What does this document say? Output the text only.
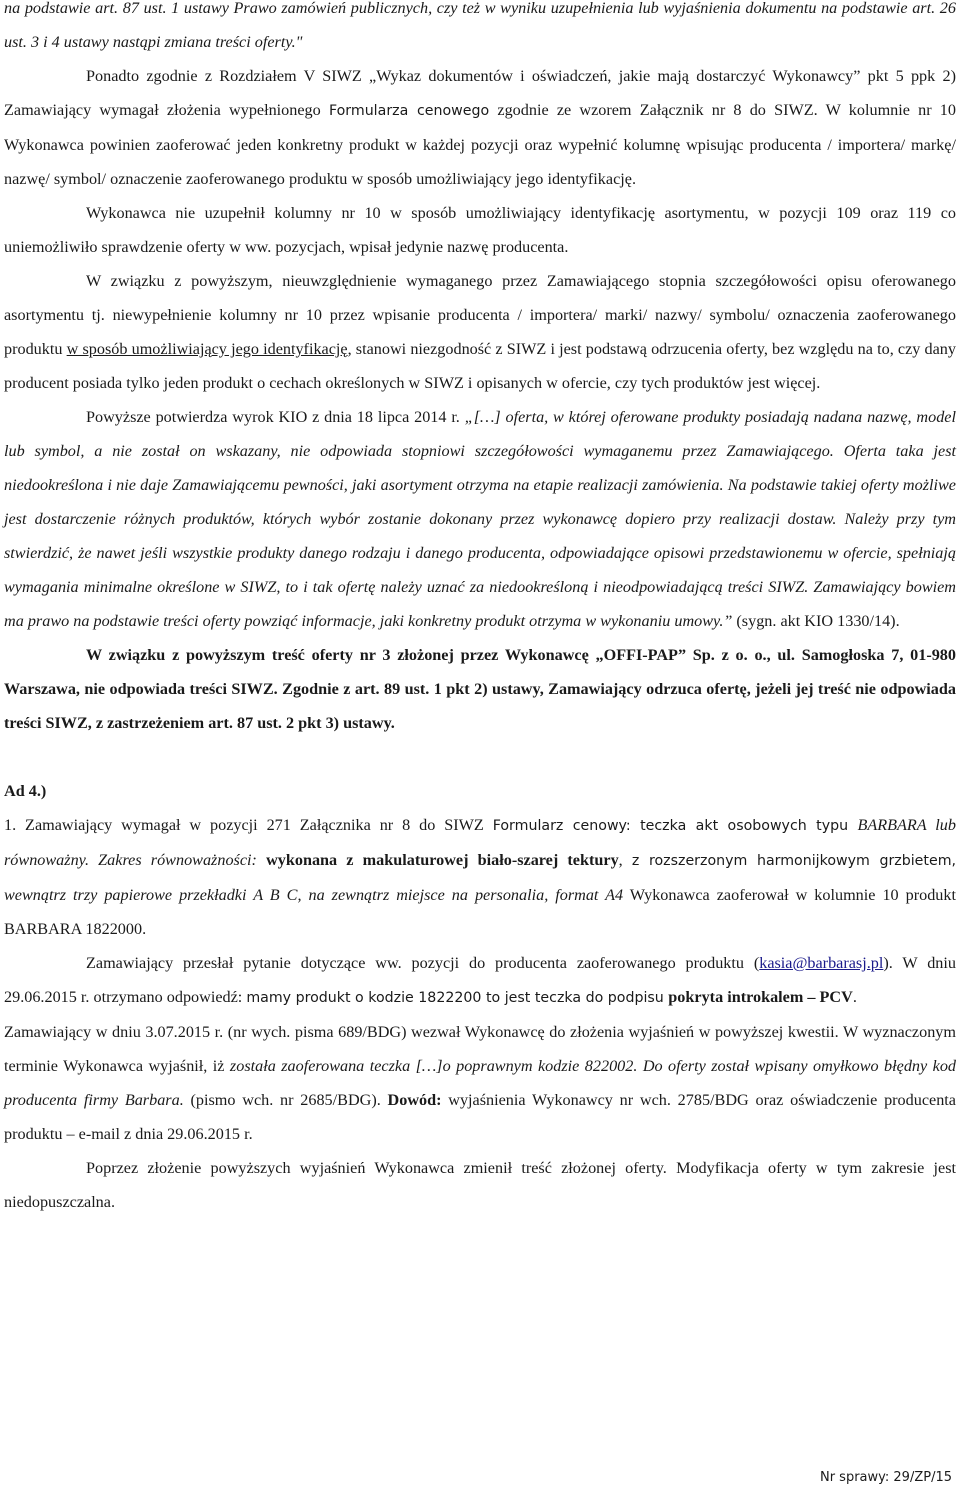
na podstawie art. 87 ust. 1 ustawy Prawo zamówień publicznych, czy też w wyniku uzupełnienia lub wyjaśnienia dokumentu na podstawie art. 26 ust. 3 i 4 ustawy nastąpi zmiana treści oferty."

Ponadto zgodnie z Rozdziałem V SIWZ „Wykaz dokumentów i oświadczeń, jakie mają dostarczyć Wykonawcy” pkt 5 ppk 2) Zamawiający wymagał złożenia wypełnionego Formularza cenowego zgodnie ze wzorem Załącznik nr 8 do SIWZ. W kolumnie nr 10 Wykonawca powinien zaoferować jeden konkretny produkt w każdej pozycji oraz wypełnić kolumnę wpisując producenta / importera/ markę/ nazwę/ symbol/ oznaczenie zaoferowanego produktu w sposób umożliwiający jego identyfikację.

Wykonawca nie uzupełnił kolumny nr 10 w sposób umożliwiający identyfikację asortymentu, w pozycji 109 oraz 119 co uniemożliwiło sprawdzenie oferty w ww. pozycjach, wpisał jedynie nazwę producenta.

W związku z powyższym, nieuwzględnienie wymaganego przez Zamawiającego stopnia szczegółowości opisu oferowanego asortymentu tj. niewypełnienie kolumny nr 10 przez wpisanie producenta / importera/ marki/ nazwy/ symbolu/ oznaczenia zaoferowanego produktu w sposób umożliwiający jego identyfikację, stanowi niezgodność z SIWZ i jest podstawą odrzucenia oferty, bez względu na to, czy dany producent posiada tylko jeden produkt o cechach określonych w SIWZ i opisanych w ofercie, czy tych produktów jest więcej.

Powyższe potwierdza wyrok KIO z dnia 18 lipca 2014 r. „[…] oferta, w której oferowane produkty posiadają nadana nazwę, model lub symbol, a nie został on wskazany, nie odpowiada stopniowi szczegółowości wymaganemu przez Zamawiającego. Oferta taka jest niedookreślona i nie daje Zamawiającemu pewności, jaki asortyment otrzyma na etapie realizacji zamówienia. Na podstawie takiej oferty możliwe jest dostarczenie różnych produktów, których wybór zostanie dokonany przez wykonawcę dopiero przy realizacji dostaw. Należy przy tym stwierdzić, że nawet jeśli wszystkie produkty danego rodzaju i danego producenta, odpowiadające opisowi przedstawionemu w ofercie, spełniają wymagania minimalne określone w SIWZ, to i tak ofertę należy uznać za niedookreśloną i nieodpowiadającą treści SIWZ. Zamawiający bowiem ma prawo na podstawie treści oferty powziąć informacje, jaki konkretny produkt otrzyma w wykonaniu umowy.” (sygn. akt KIO 1330/14).

W związku z powyższym treść oferty nr 3 złożonej przez Wykonawcę „OFFI-PAP” Sp. z o. o., ul. Samogłoska 7, 01-980 Warszawa, nie odpowiada treści SIWZ. Zgodnie z art. 89 ust. 1 pkt 2) ustawy, Zamawiający odrzuca ofertę, jeżeli jej treść nie odpowiada treści SIWZ, z zastrzeżeniem art. 87 ust. 2 pkt 3) ustawy.

Ad 4.)

1. Zamawiający wymagał w pozycji 271 Załącznika nr 8 do SIWZ Formularz cenowy: teczka akt osobowych typu BARBARA lub równoważny. Zakres równoważności: wykonana z makulaturowej biało-szarej tektury, z rozszerzonym harmonijkowym grzbietem, wewnątrz trzy papierowe przekładki A B C, na zewnątrz miejsce na personalia, format A4 Wykonawca zaoferował w kolumnie 10 produkt BARBARA 1822000.

Zamawiający przesłał pytanie dotyczące ww. pozycji do producenta zaoferowanego produktu (kasia@barbarasj.pl). W dniu 29.06.2015 r. otrzymano odpowiedź: mamy produkt o kodzie 1822200 to jest teczka do podpisu pokryta introkalem – PCV.

Zamawiający w dniu 3.07.2015 r. (nr wych. pisma 689/BDG) wezwał Wykonawcę do złożenia wyjaśnień w powyższej kwestii. W wyznaczonym terminie Wykonawca wyjaśnił, iż została zaoferowana teczka […]o poprawnym kodzie 822002. Do oferty został wpisany omyłkowo błędny kod producenta firmy Barbara. (pismo wch. nr 2685/BDG). Dowód: wyjaśnienia Wykonawcy nr wch. 2785/BDG oraz oświadczenie producenta produktu – e-mail z dnia 29.06.2015 r.

Poprzez złożenie powyższych wyjaśnień Wykonawca zmienił treść złożonej oferty. Modyfikacja oferty w tym zakresie jest niedopuszczalna.

Nr sprawy: 29/ZP/15
